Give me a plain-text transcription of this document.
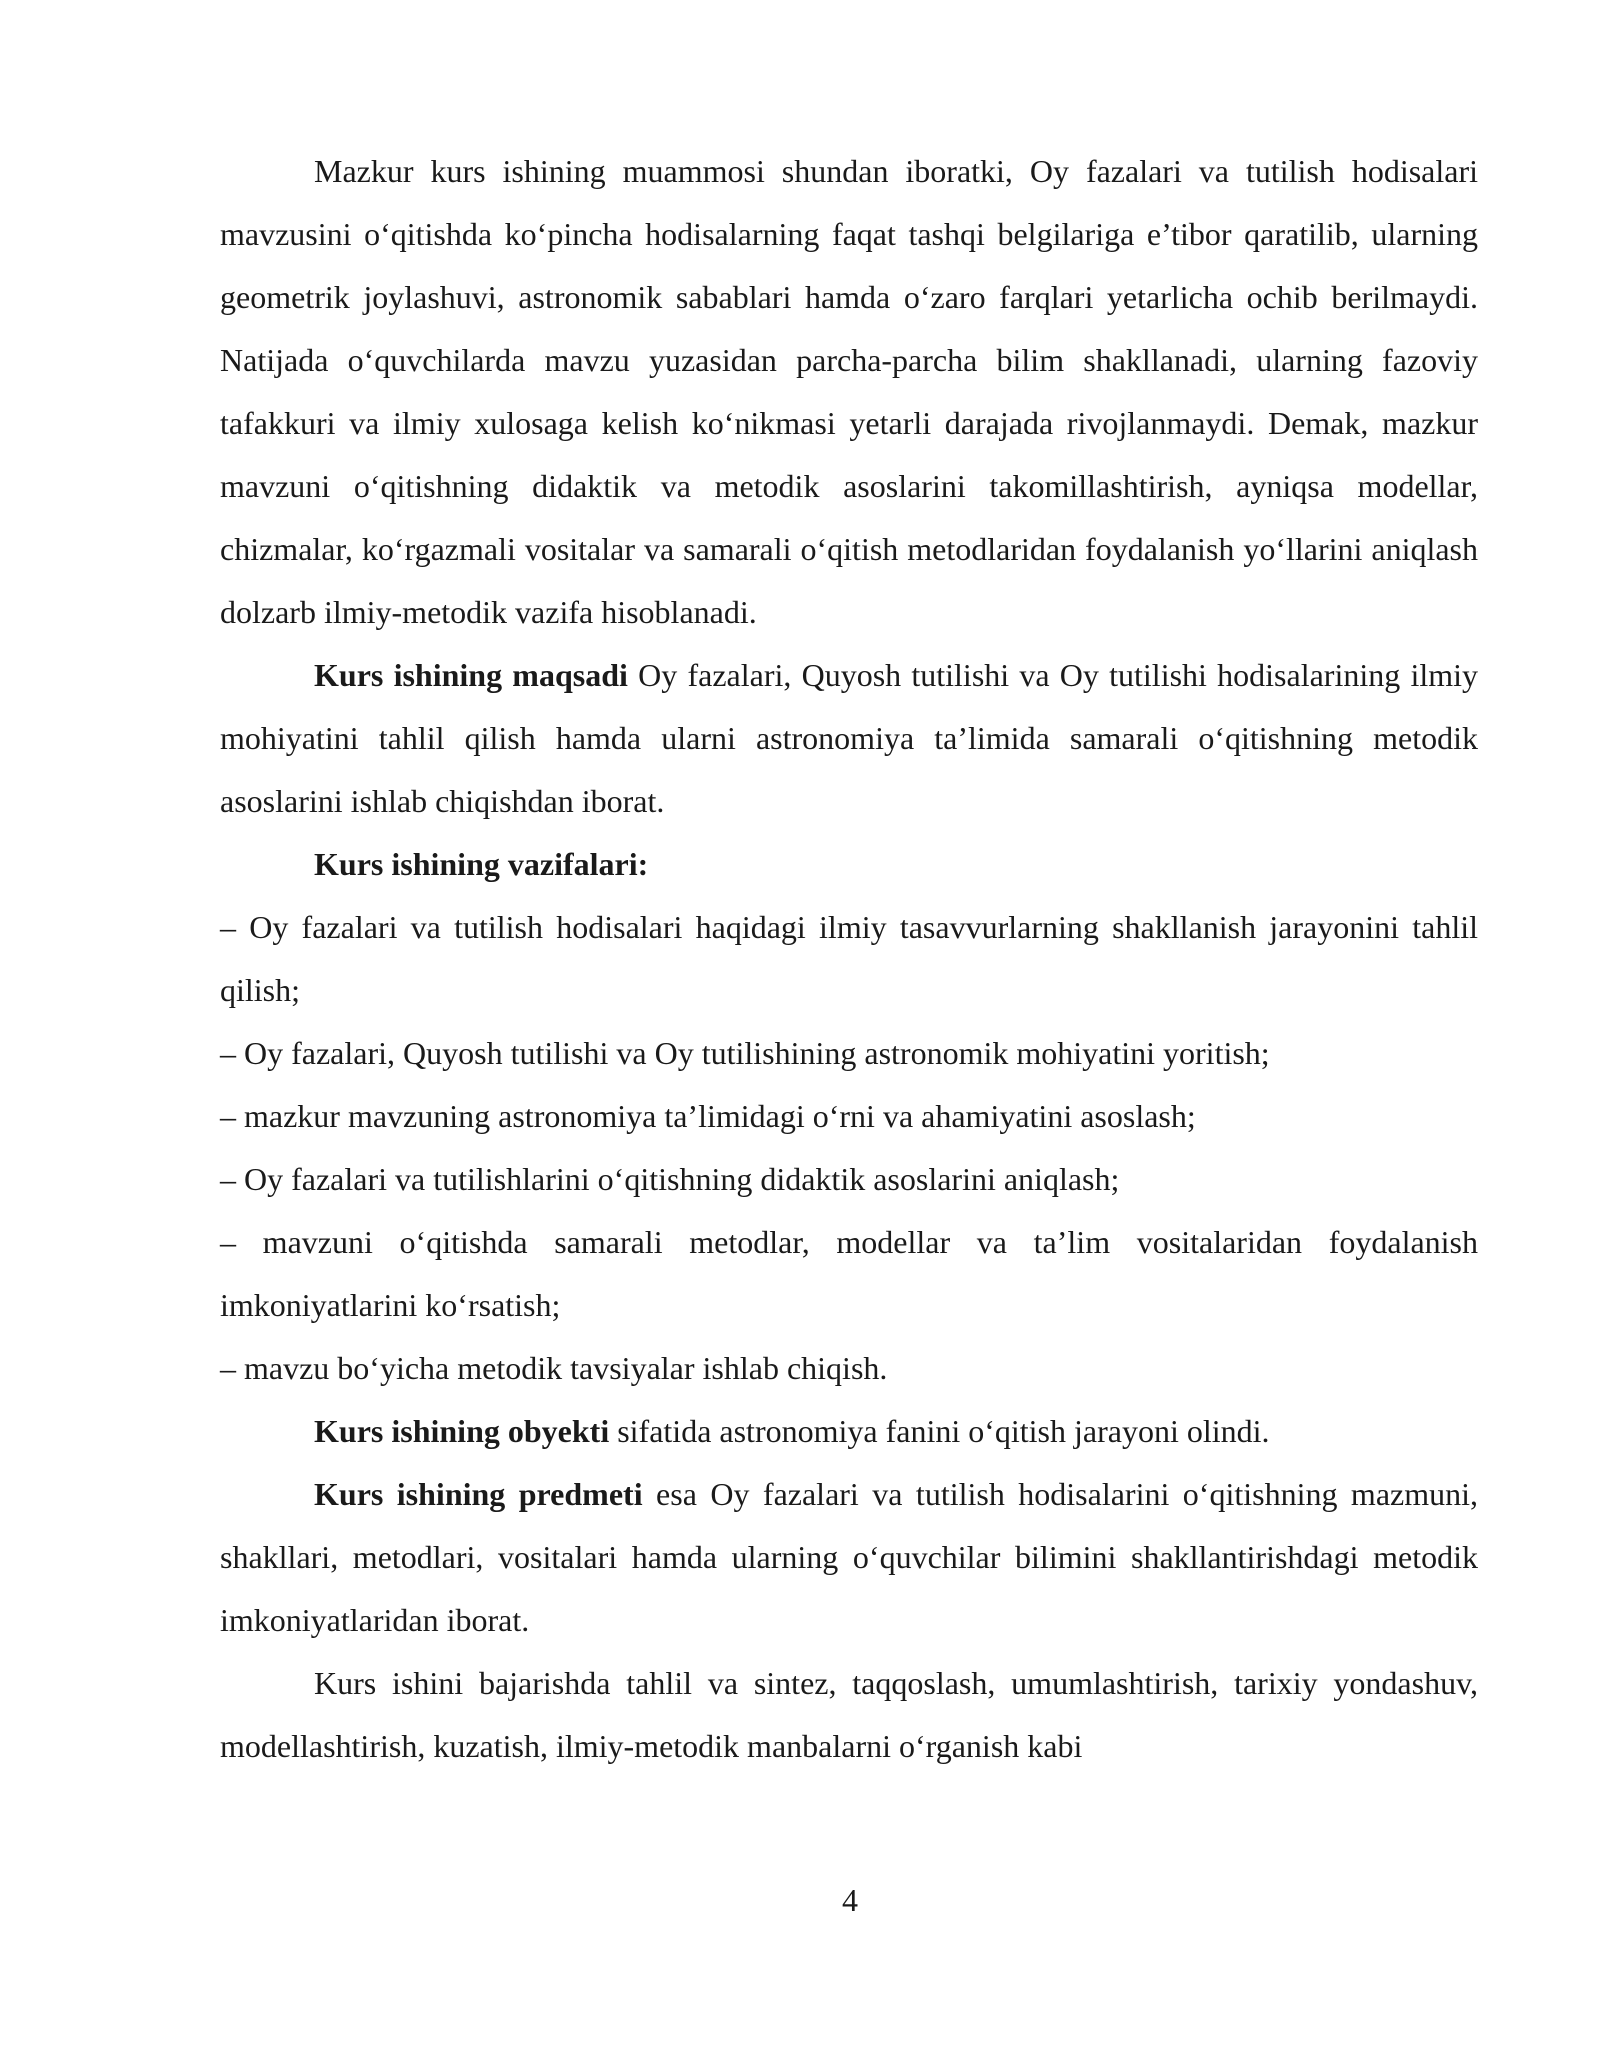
Mazkur kurs ishining muammosi shundan iboratki, Oy fazalari va tutilish hodisalari mavzusini o‘qitishda ko‘pincha hodisalarning faqat tashqi belgilariga e’tibor qaratilib, ularning geometrik joylashuvi, astronomik sabablari hamda o‘zaro farqlari yetarlicha ochib berilmaydi. Natijada o‘quvchilarda mavzu yuzasidan parcha-parcha bilim shakllanadi, ularning fazoviy tafakkuri va ilmiy xulosaga kelish ko‘nikmasi yetarli darajada rivojlanmaydi. Demak, mazkur mavzuni o‘qitishning didaktik va metodik asoslarini takomillashtirish, ayniqsa modellar, chizmalar, ko‘rgazmali vositalar va samarali o‘qitish metodlaridan foydalanish yo‘llarini aniqlash dolzarb ilmiy-metodik vazifa hisoblanadi.

Kurs ishining maqsadi Oy fazalari, Quyosh tutilishi va Oy tutilishi hodisalarining ilmiy mohiyatini tahlil qilish hamda ularni astronomiya ta’limida samarali o‘qitishning metodik asoslarini ishlab chiqishdan iborat.

Kurs ishining vazifalari:

– Oy fazalari va tutilish hodisalari haqidagi ilmiy tasavvurlarning shakllanish jarayonini tahlil qilish;

– Oy fazalari, Quyosh tutilishi va Oy tutilishining astronomik mohiyatini yoritish;

– mazkur mavzuning astronomiya ta’limidagi o‘rni va ahamiyatini asoslash;

– Oy fazalari va tutilishlarini o‘qitishning didaktik asoslarini aniqlash;

– mavzuni o‘qitishda samarali metodlar, modellar va ta’lim vositalaridan foydalanish imkoniyatlarini ko‘rsatish;

– mavzu bo‘yicha metodik tavsiyalar ishlab chiqish.

Kurs ishining obyekti sifatida astronomiya fanini o‘qitish jarayoni olindi.

Kurs ishining predmeti esa Oy fazalari va tutilish hodisalarini o‘qitishning mazmuni, shakllari, metodlari, vositalari hamda ularning o‘quvchilar bilimini shakllantirishdagi metodik imkoniyatlaridan iborat.

Kurs ishini bajarishda tahlil va sintez, taqqoslash, umumlashtirish, tarixiy yondashuv, modellashtirish, kuzatish, ilmiy-metodik manbalarni o‘rganish kabi

4
